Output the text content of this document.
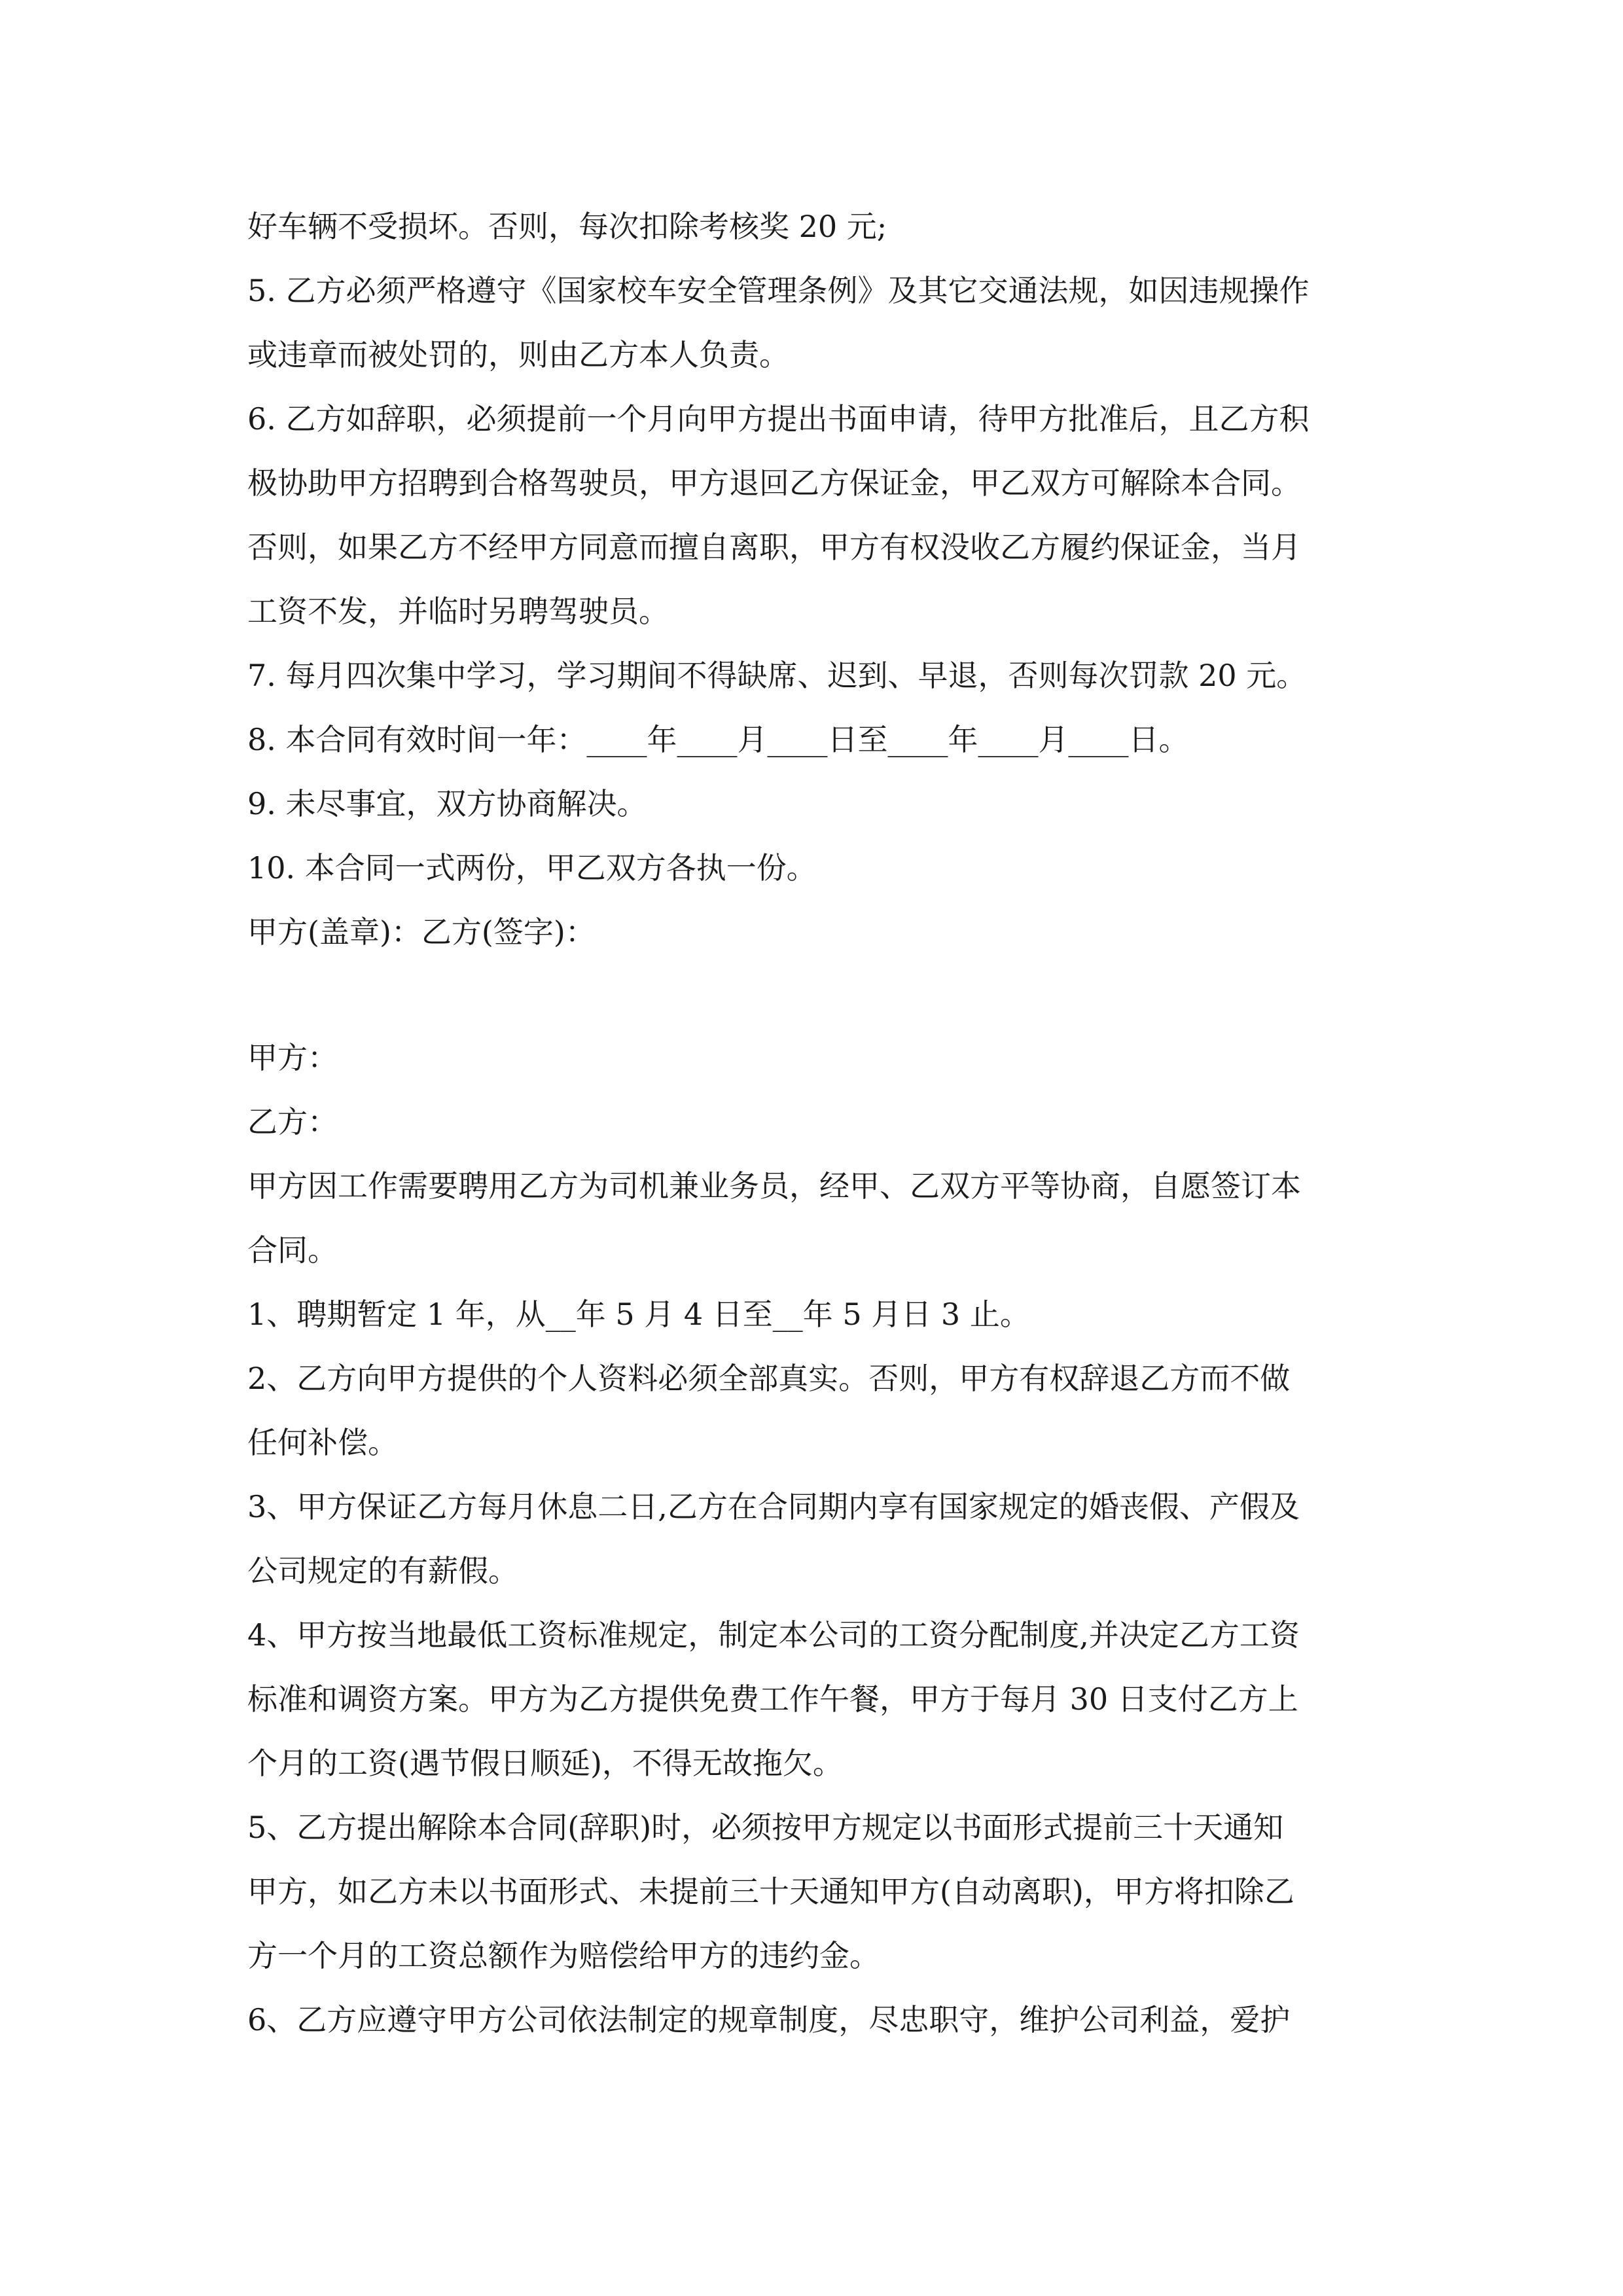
好车辆不受损坏。否则，每次扣除考核奖 20 元;

5. 乙方必须严格遵守《国家校车安全管理条例》及其它交通法规，如因违规操作

或违章而被处罚的，则由乙方本人负责。

6. 乙方如辞职，必须提前一个月向甲方提出书面申请，待甲方批准后，且乙方积

极协助甲方招聘到合格驾驶员，甲方退回乙方保证金，甲乙双方可解除本合同。

否则，如果乙方不经甲方同意而擅自离职，甲方有权没收乙方履约保证金，当月

工资不发，并临时另聘驾驶员。

7. 每月四次集中学习，学习期间不得缺席、迟到、早退，否则每次罚款 20 元。

8. 本合同有效时间一年：____年____月____日至____年____月____日。

9. 未尽事宜，双方协商解决。

10. 本合同一式两份，甲乙双方各执一份。

甲方(盖章)：乙方(签字)：

甲方：

乙方：

甲方因工作需要聘用乙方为司机兼业务员，经甲、乙双方平等协商，自愿签订本

合同。

1、聘期暂定 1 年，从__年 5 月 4 日至__年 5 月日 3 止。

2、乙方向甲方提供的个人资料必须全部真实。否则，甲方有权辞退乙方而不做

任何补偿。

3、甲方保证乙方每月休息二日,乙方在合同期内享有国家规定的婚丧假、产假及

公司规定的有薪假。

4、甲方按当地最低工资标准规定，制定本公司的工资分配制度,并决定乙方工资

标准和调资方案。甲方为乙方提供免费工作午餐，甲方于每月 30 日支付乙方上

个月的工资(遇节假日顺延)，不得无故拖欠。

5、乙方提出解除本合同(辞职)时，必须按甲方规定以书面形式提前三十天通知

甲方，如乙方未以书面形式、未提前三十天通知甲方(自动离职)，甲方将扣除乙

方一个月的工资总额作为赔偿给甲方的违约金。

6、乙方应遵守甲方公司依法制定的规章制度，尽忠职守，维护公司利益，爱护
